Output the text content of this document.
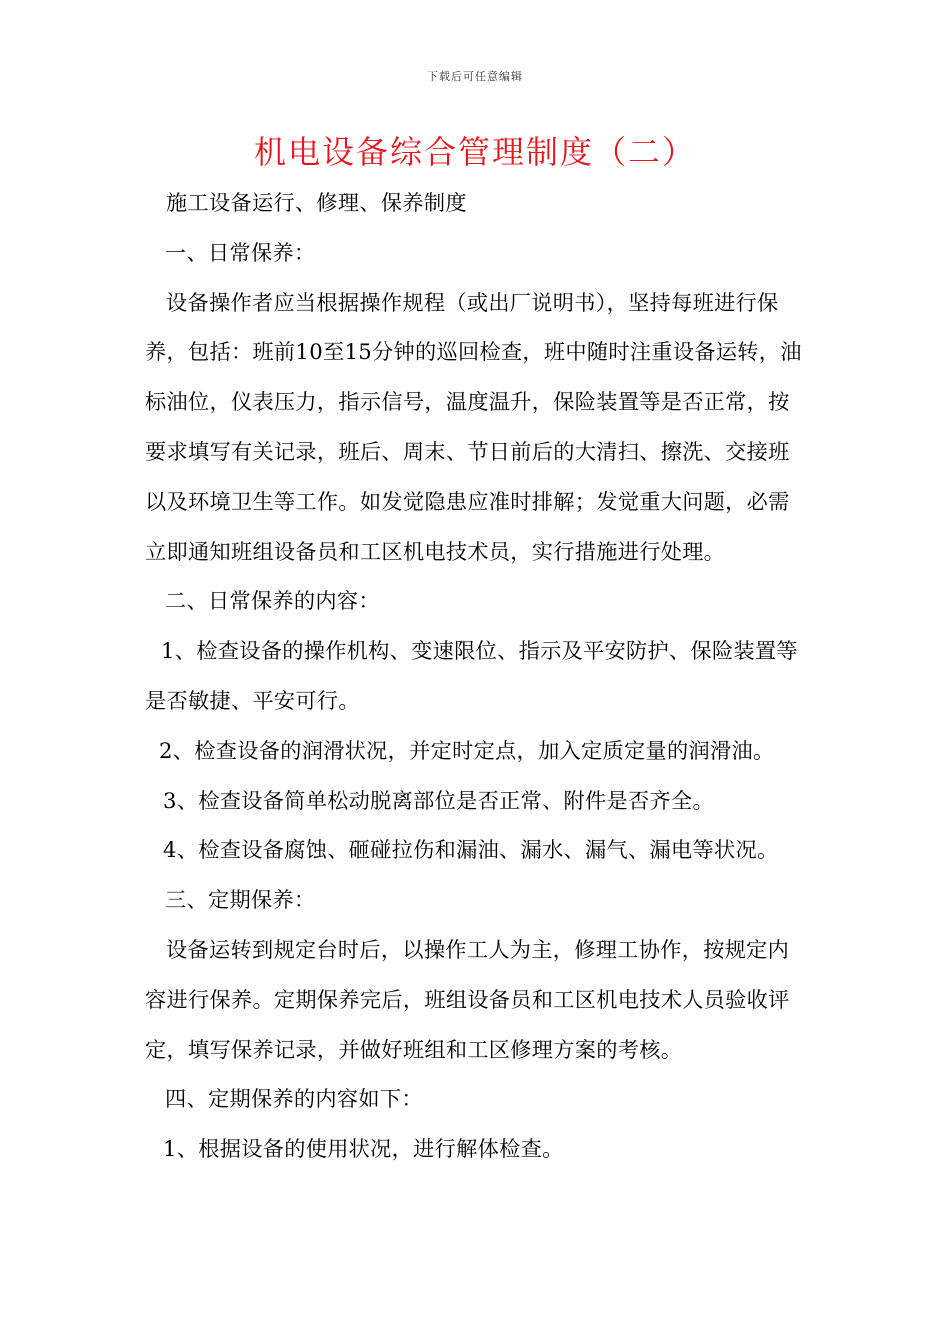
下载后可任意编辑
机电设备综合管理制度（二）

施工设备运行、修理、保养制度

一、日常保养：

设备操作者应当根据操作规程（或出厂说明书），坚持每班进行保养，包括：班前10至15分钟的巡回检查，班中随时注重设备运转，油标油位，仪表压力，指示信号，温度温升，保险装置等是否正常，按要求填写有关记录，班后、周末、节日前后的大清扫、擦洗、交接班以及环境卫生等工作。如发觉隐患应准时排解；发觉重大问题，必需立即通知班组设备员和工区机电技术员，实行措施进行处理。

二、日常保养的内容：

1、检查设备的操作机构、变速限位、指示及平安防护、保险装置等是否敏捷、平安可行。

2、检查设备的润滑状况，并定时定点，加入定质定量的润滑油。

3、检查设备简单松动脱离部位是否正常、附件是否齐全。

4、检查设备腐蚀、砸碰拉伤和漏油、漏水、漏气、漏电等状况。

三、定期保养：

设备运转到规定台时后，以操作工人为主，修理工协作，按规定内容进行保养。定期保养完后，班组设备员和工区机电技术人员验收评定，填写保养记录，并做好班组和工区修理方案的考核。

四、定期保养的内容如下：

1、根据设备的使用状况，进行解体检查。
